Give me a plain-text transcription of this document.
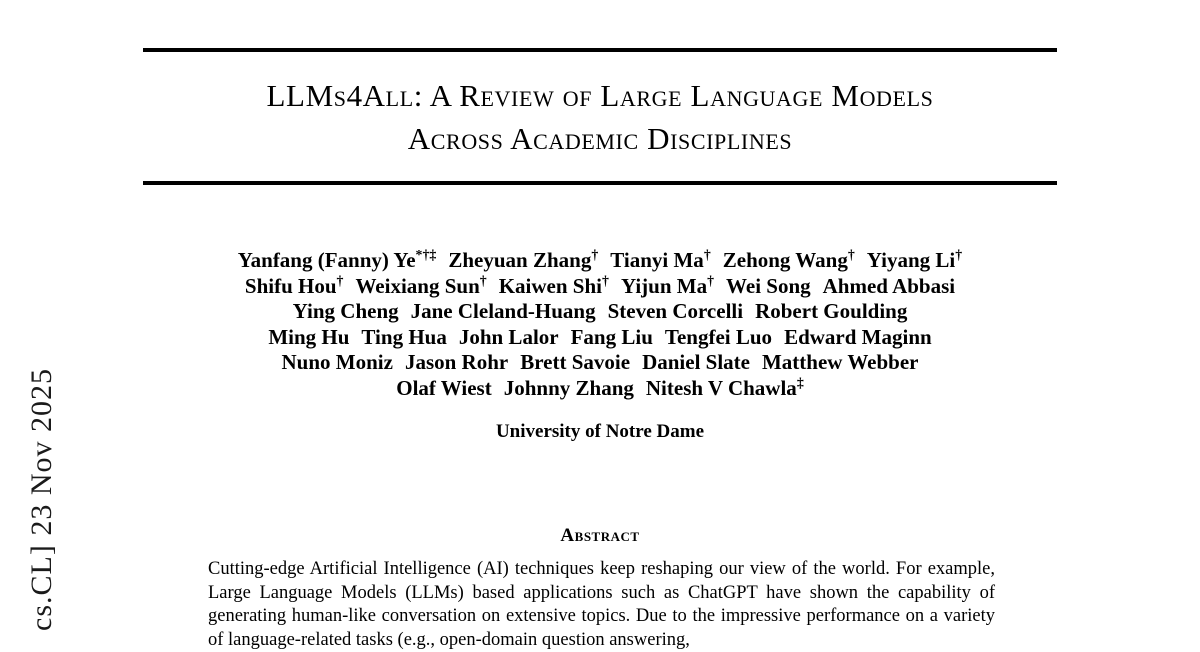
cs.CL] 23 Nov 2025
LLMs4All: A Review of Large Language Models
Across Academic Disciplines
Yanfang (Fanny) Ye*†‡ Zheyuan Zhang† Tianyi Ma† Zehong Wang† Yiyang Li†
Shifu Hou† Weixiang Sun† Kaiwen Shi† Yijun Ma† Wei Song Ahmed Abbasi
Ying Cheng Jane Cleland-Huang Steven Corcelli Robert Goulding
Ming Hu Ting Hua John Lalor Fang Liu Tengfei Luo Edward Maginn
Nuno Moniz Jason Rohr Brett Savoie Daniel Slate Matthew Webber
Olaf Wiest Johnny Zhang Nitesh V Chawla‡
University of Notre Dame
Abstract
Cutting-edge Artificial Intelligence (AI) techniques keep reshaping our view of the world. For example, Large Language Models (LLMs) based applications such as ChatGPT have shown the capability of generating human-like conversation on extensive topics. Due to the impressive performance on a variety of language-related tasks (e.g., open-domain question answering,
